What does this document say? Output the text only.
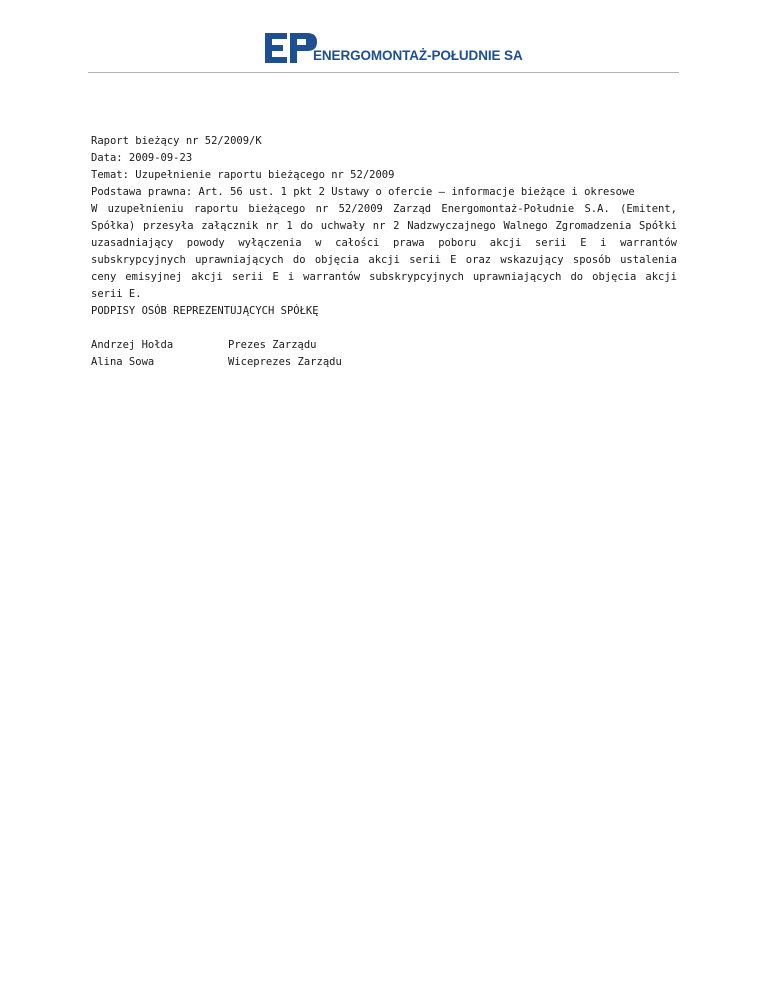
ENERGOMONTAŻ-POŁUDNIE SA

Raport bieżący nr 52/2009/K

Data: 2009-09-23

Temat: Uzupełnienie raportu bieżącego nr 52/2009

Podstawa prawna: Art. 56 ust. 1 pkt 2 Ustawy o ofercie – informacje bieżące i okresowe

W uzupełnieniu raportu bieżącego nr 52/2009 Zarząd Energomontaż-Południe S.A. (Emitent, Spółka) przesyła załącznik nr 1 do uchwały nr 2 Nadzwyczajnego Walnego Zgromadzenia Spółki uzasadniający powody wyłączenia w całości prawa poboru akcji serii E i warrantów subskrypcyjnych uprawniających do objęcia akcji serii E oraz wskazujący sposób ustalenia ceny emisyjnej akcji serii E i warrantów subskrypcyjnych uprawniających do objęcia akcji serii E.

PODPISY OSÓB REPREZENTUJĄCYCH SPÓŁKĘ

Andrzej Hołda	Prezes Zarządu
Alina Sowa	Wiceprezes Zarządu
